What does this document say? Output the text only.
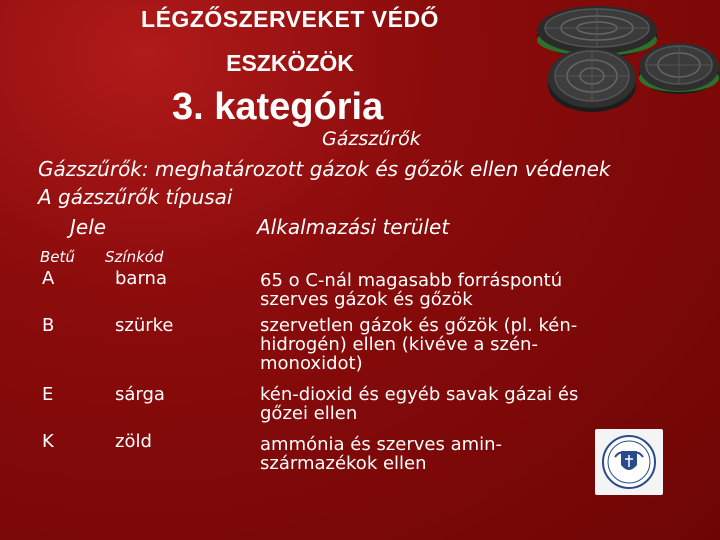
LÉGZŐSZERVEKET VÉDŐ
ESZKÖZÖK
3. kategória
Gázszűrők
Gázszűrők: meghatározott gázok és gőzök ellen védenek
A gázszűrők típusai
Jele	Alkalmazási terület
Betű Színkód
A	barna	65 o C-nál magasabb forráspontú
szerves gázok és gőzök
B	szürke	szervetlen gázok és gőzök (pl. kén-
hidrogén) ellen (kivéve a szén-
monoxidot)
E	sárga	kén-dioxid és egyéb savak gázai és
gőzei ellen
K	zöld	ammónia és szerves amin-
származékok ellen
